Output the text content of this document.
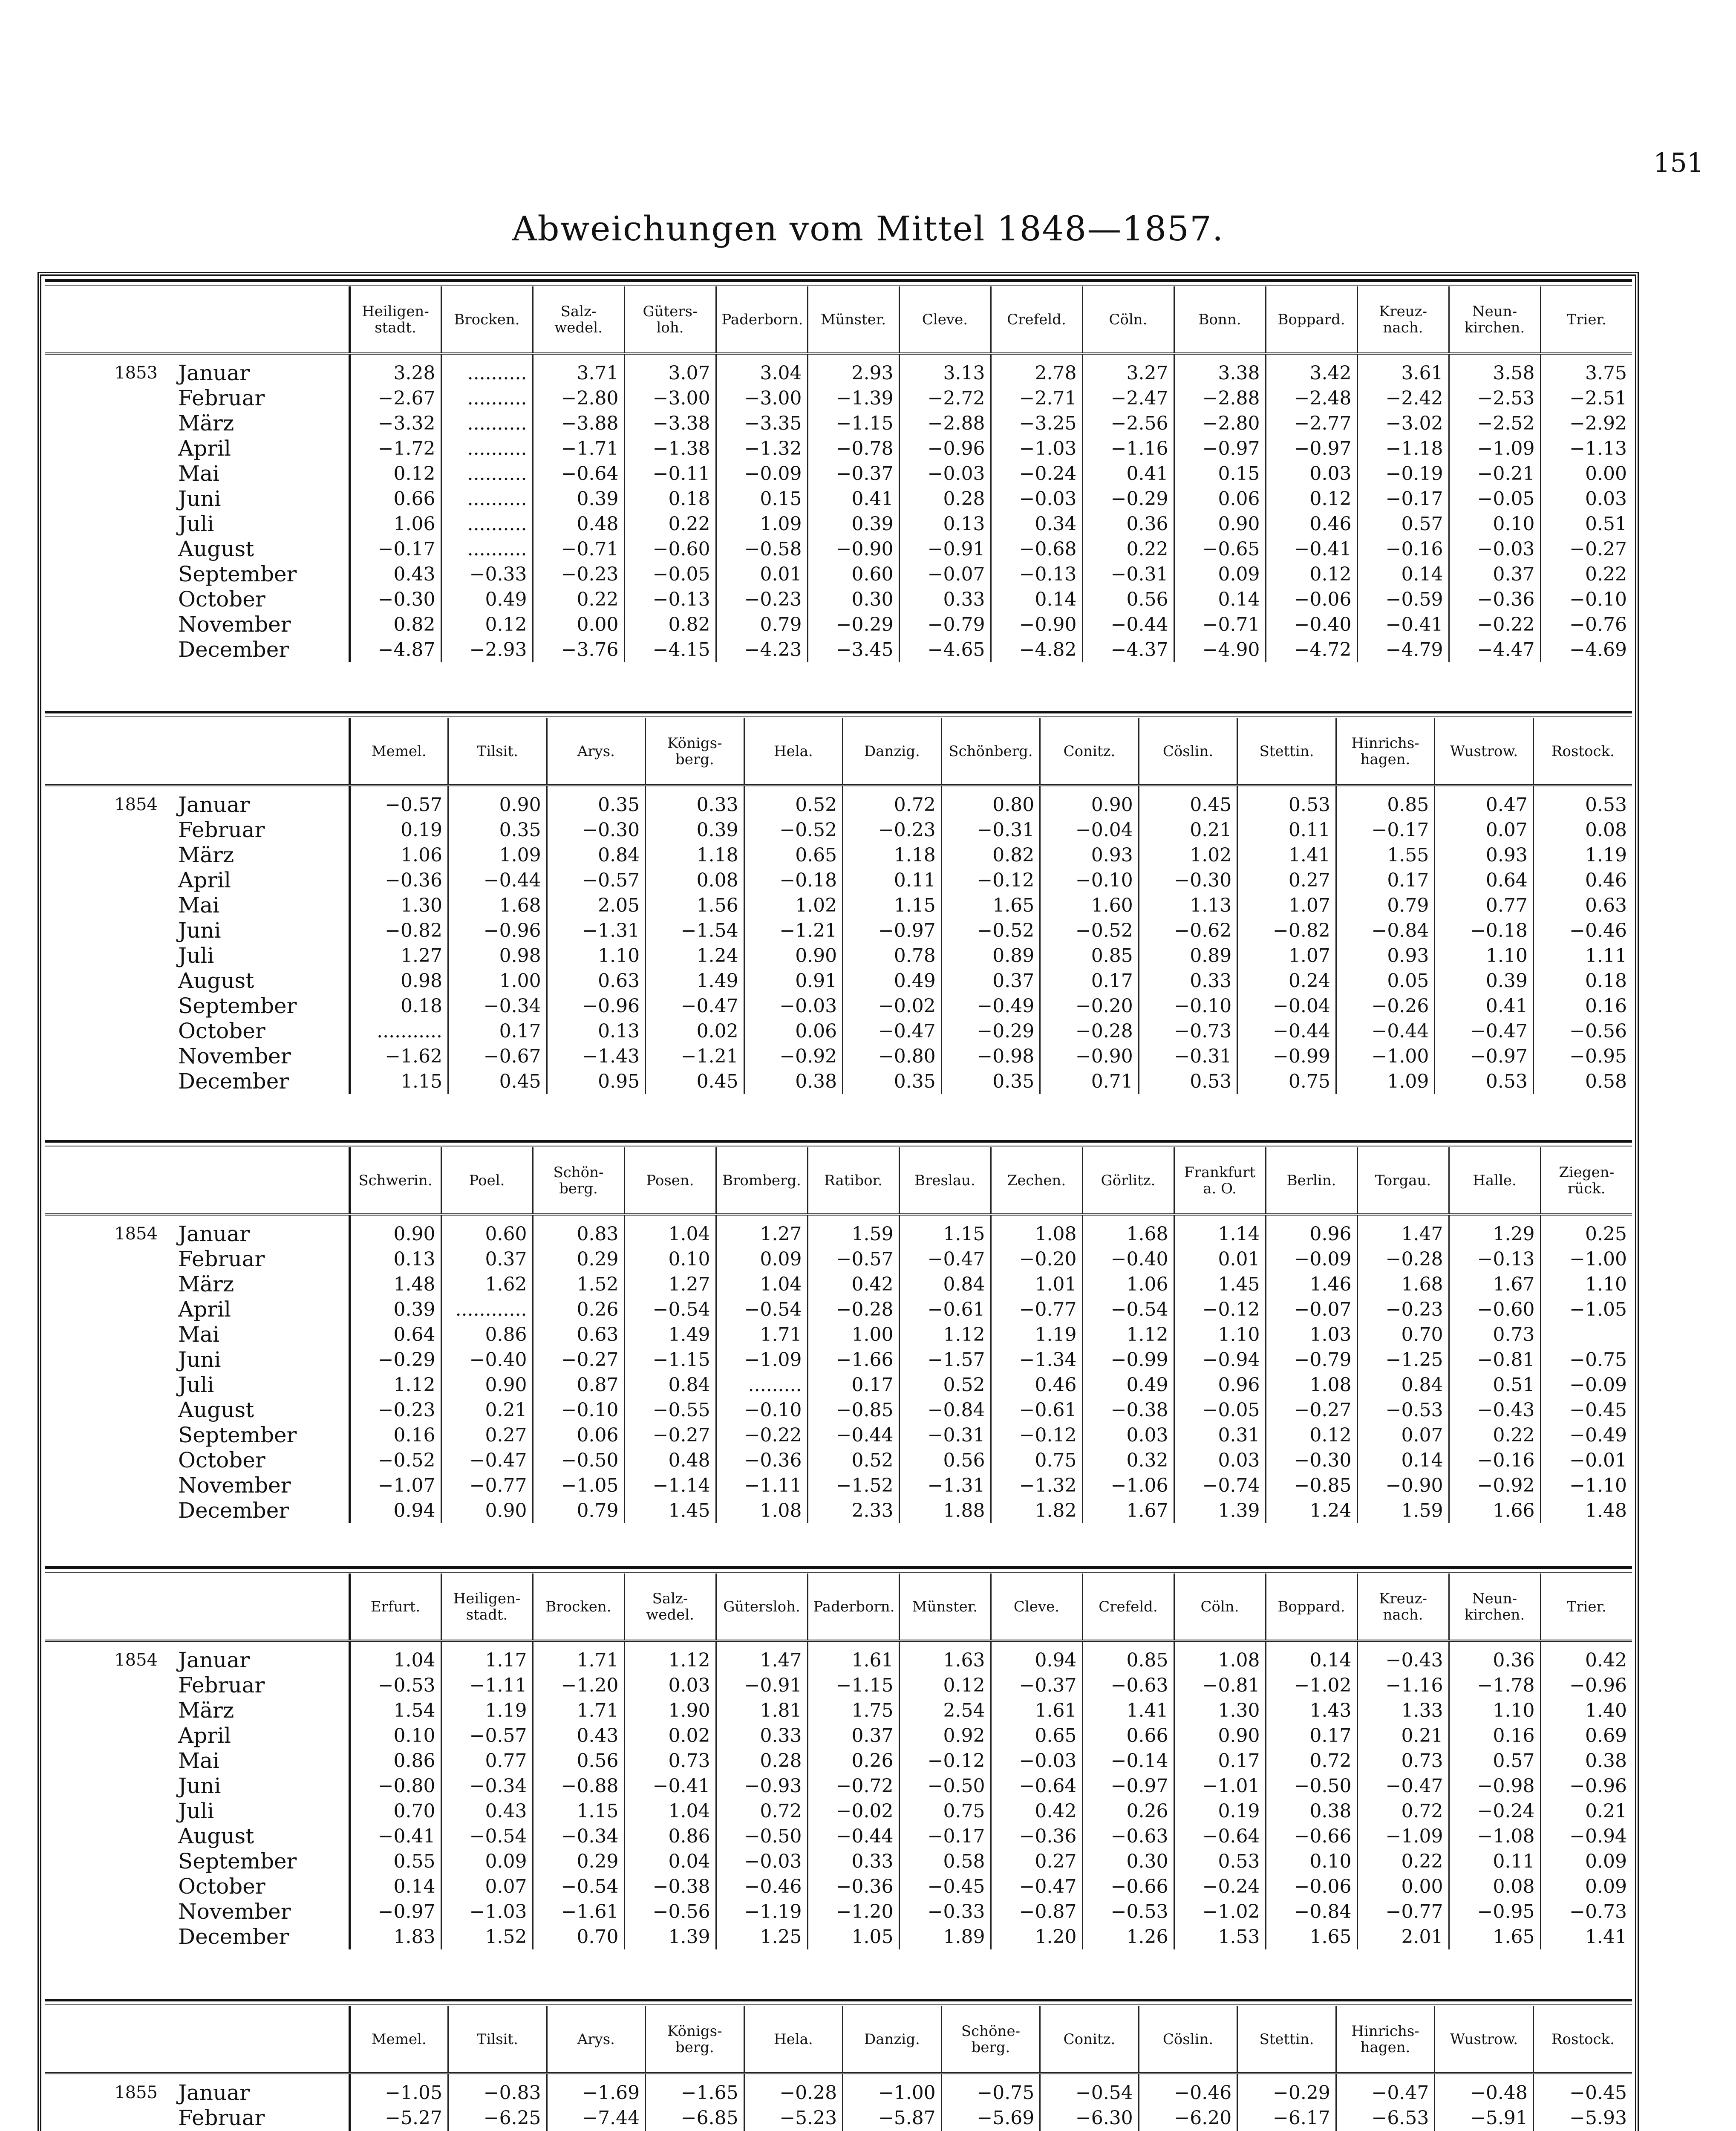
151
Abweichungen vom Mittel 1848—1857.
		Heiligen-stadt.	Brocken.	Salz-wedel.	Güters-loh.	Paderborn.	Münster.	Cleve.	Crefeld.	Cöln.	Bonn.	Boppard.	Kreuz-nach.	Neun-kirchen.	Trier.
1853	Januar	3.28	..........	3.71	3.07	3.04	2.93	3.13	2.78	3.27	3.38	3.42	3.61	3.58	3.75
	Februar	−2.67	..........	−2.80	−3.00	−3.00	−1.39	−2.72	−2.71	−2.47	−2.88	−2.48	−2.42	−2.53	−2.51
	März	−3.32	..........	−3.88	−3.38	−3.35	−1.15	−2.88	−3.25	−2.56	−2.80	−2.77	−3.02	−2.52	−2.92
	April	−1.72	..........	−1.71	−1.38	−1.32	−0.78	−0.96	−1.03	−1.16	−0.97	−0.97	−1.18	−1.09	−1.13
	Mai	0.12	..........	−0.64	−0.11	−0.09	−0.37	−0.03	−0.24	0.41	0.15	0.03	−0.19	−0.21	0.00
	Juni	0.66	..........	0.39	0.18	0.15	0.41	0.28	−0.03	−0.29	0.06	0.12	−0.17	−0.05	0.03
	Juli	1.06	..........	0.48	0.22	1.09	0.39	0.13	0.34	0.36	0.90	0.46	0.57	0.10	0.51
	August	−0.17	..........	−0.71	−0.60	−0.58	−0.90	−0.91	−0.68	0.22	−0.65	−0.41	−0.16	−0.03	−0.27
	September	0.43	−0.33	−0.23	−0.05	0.01	0.60	−0.07	−0.13	−0.31	0.09	0.12	0.14	0.37	0.22
	October	−0.30	0.49	0.22	−0.13	−0.23	0.30	0.33	0.14	0.56	0.14	−0.06	−0.59	−0.36	−0.10
	November	0.82	0.12	0.00	0.82	0.79	−0.29	−0.79	−0.90	−0.44	−0.71	−0.40	−0.41	−0.22	−0.76
	December	−4.87	−2.93	−3.76	−4.15	−4.23	−3.45	−4.65	−4.82	−4.37	−4.90	−4.72	−4.79	−4.47	−4.69
		Memel.	Tilsit.	Arys.	Königs-berg.	Hela.	Danzig.	Schönberg.	Conitz.	Cöslin.	Stettin.	Hinrichs-hagen.	Wustrow.	Rostock.
1854	Januar	−0.57	0.90	0.35	0.33	0.52	0.72	0.80	0.90	0.45	0.53	0.85	0.47	0.53
	Februar	0.19	0.35	−0.30	0.39	−0.52	−0.23	−0.31	−0.04	0.21	0.11	−0.17	0.07	0.08
	März	1.06	1.09	0.84	1.18	0.65	1.18	0.82	0.93	1.02	1.41	1.55	0.93	1.19
	April	−0.36	−0.44	−0.57	0.08	−0.18	0.11	−0.12	−0.10	−0.30	0.27	0.17	0.64	0.46
	Mai	1.30	1.68	2.05	1.56	1.02	1.15	1.65	1.60	1.13	1.07	0.79	0.77	0.63
	Juni	−0.82	−0.96	−1.31	−1.54	−1.21	−0.97	−0.52	−0.52	−0.62	−0.82	−0.84	−0.18	−0.46
	Juli	1.27	0.98	1.10	1.24	0.90	0.78	0.89	0.85	0.89	1.07	0.93	1.10	1.11
	August	0.98	1.00	0.63	1.49	0.91	0.49	0.37	0.17	0.33	0.24	0.05	0.39	0.18
	September	0.18	−0.34	−0.96	−0.47	−0.03	−0.02	−0.49	−0.20	−0.10	−0.04	−0.26	0.41	0.16
	October	...........	0.17	0.13	0.02	0.06	−0.47	−0.29	−0.28	−0.73	−0.44	−0.44	−0.47	−0.56
	November	−1.62	−0.67	−1.43	−1.21	−0.92	−0.80	−0.98	−0.90	−0.31	−0.99	−1.00	−0.97	−0.95
	December	1.15	0.45	0.95	0.45	0.38	0.35	0.35	0.71	0.53	0.75	1.09	0.53	0.58
		Schwerin.	Poel.	Schön-berg.	Posen.	Bromberg.	Ratibor.	Breslau.	Zechen.	Görlitz.	Frankfurt a. O.	Berlin.	Torgau.	Halle.	Ziegen-rück.
1854	Januar	0.90	0.60	0.83	1.04	1.27	1.59	1.15	1.08	1.68	1.14	0.96	1.47	1.29	0.25
	Februar	0.13	0.37	0.29	0.10	0.09	−0.57	−0.47	−0.20	−0.40	0.01	−0.09	−0.28	−0.13	−1.00
	März	1.48	1.62	1.52	1.27	1.04	0.42	0.84	1.01	1.06	1.45	1.46	1.68	1.67	1.10
	April	0.39	............	0.26	−0.54	−0.54	−0.28	−0.61	−0.77	−0.54	−0.12	−0.07	−0.23	−0.60	−1.05
	Mai	0.64	0.86	0.63	1.49	1.71	1.00	1.12	1.19	1.12	1.10	1.03	0.70	0.73	
	Juni	−0.29	−0.40	−0.27	−1.15	−1.09	−1.66	−1.57	−1.34	−0.99	−0.94	−0.79	−1.25	−0.81	−0.75
	Juli	1.12	0.90	0.87	0.84	.........	0.17	0.52	0.46	0.49	0.96	1.08	0.84	0.51	−0.09
	August	−0.23	0.21	−0.10	−0.55	−0.10	−0.85	−0.84	−0.61	−0.38	−0.05	−0.27	−0.53	−0.43	−0.45
	September	0.16	0.27	0.06	−0.27	−0.22	−0.44	−0.31	−0.12	0.03	0.31	0.12	0.07	0.22	−0.49
	October	−0.52	−0.47	−0.50	0.48	−0.36	0.52	0.56	0.75	0.32	0.03	−0.30	0.14	−0.16	−0.01
	November	−1.07	−0.77	−1.05	−1.14	−1.11	−1.52	−1.31	−1.32	−1.06	−0.74	−0.85	−0.90	−0.92	−1.10
	December	0.94	0.90	0.79	1.45	1.08	2.33	1.88	1.82	1.67	1.39	1.24	1.59	1.66	1.48
		Erfurt.	Heiligen-stadt.	Brocken.	Salz-wedel.	Gütersloh.	Paderborn.	Münster.	Cleve.	Crefeld.	Cöln.	Boppard.	Kreuz-nach.	Neun-kirchen.	Trier.
1854	Januar	1.04	1.17	1.71	1.12	1.47	1.61	1.63	0.94	0.85	1.08	0.14	−0.43	0.36	0.42
	Februar	−0.53	−1.11	−1.20	0.03	−0.91	−1.15	0.12	−0.37	−0.63	−0.81	−1.02	−1.16	−1.78	−0.96
	März	1.54	1.19	1.71	1.90	1.81	1.75	2.54	1.61	1.41	1.30	1.43	1.33	1.10	1.40
	April	0.10	−0.57	0.43	0.02	0.33	0.37	0.92	0.65	0.66	0.90	0.17	0.21	0.16	0.69
	Mai	0.86	0.77	0.56	0.73	0.28	0.26	−0.12	−0.03	−0.14	0.17	0.72	0.73	0.57	0.38
	Juni	−0.80	−0.34	−0.88	−0.41	−0.93	−0.72	−0.50	−0.64	−0.97	−1.01	−0.50	−0.47	−0.98	−0.96
	Juli	0.70	0.43	1.15	1.04	0.72	−0.02	0.75	0.42	0.26	0.19	0.38	0.72	−0.24	0.21
	August	−0.41	−0.54	−0.34	0.86	−0.50	−0.44	−0.17	−0.36	−0.63	−0.64	−0.66	−1.09	−1.08	−0.94
	September	0.55	0.09	0.29	0.04	−0.03	0.33	0.58	0.27	0.30	0.53	0.10	0.22	0.11	0.09
	October	0.14	0.07	−0.54	−0.38	−0.46	−0.36	−0.45	−0.47	−0.66	−0.24	−0.06	0.00	0.08	0.09
	November	−0.97	−1.03	−1.61	−0.56	−1.19	−1.20	−0.33	−0.87	−0.53	−1.02	−0.84	−0.77	−0.95	−0.73
	December	1.83	1.52	0.70	1.39	1.25	1.05	1.89	1.20	1.26	1.53	1.65	2.01	1.65	1.41
		Memel.	Tilsit.	Arys.	Königs-berg.	Hela.	Danzig.	Schöne-berg.	Conitz.	Cöslin.	Stettin.	Hinrichs-hagen.	Wustrow.	Rostock.
1855	Januar	−1.05	−0.83	−1.69	−1.65	−0.28	−1.00	−0.75	−0.54	−0.46	−0.29	−0.47	−0.48	−0.45
	Februar	−5.27	−6.25	−7.44	−6.85	−5.23	−5.87	−5.69	−6.30	−6.20	−6.17	−6.53	−5.91	−5.93
